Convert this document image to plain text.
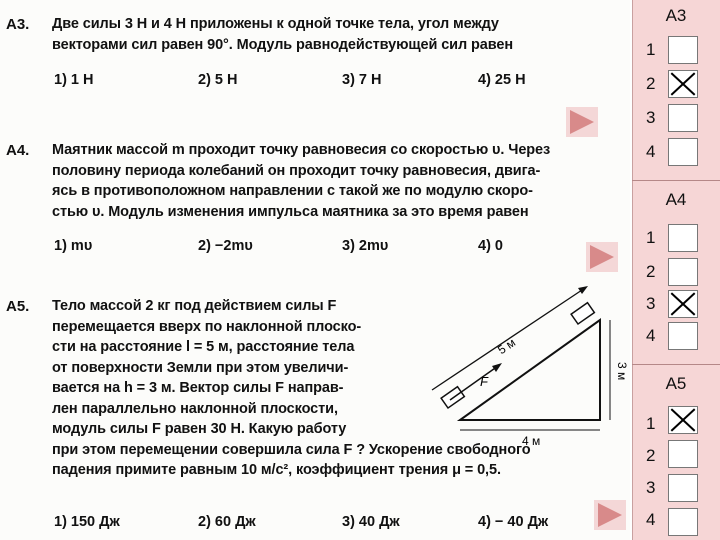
А3. Две силы 3 Н и 4 Н приложены к одной точке тела, угол между
векторами сил равен 90°. Модуль равнодействующей сил равен
1) 1 Н	2) 5 Н	3) 7 Н	4) 25 Н
А4. Маятник массой m проходит точку равновесия со скоростью υ. Через
половину периода колебаний он проходит точку равновесия, двига-
ясь в противоположном направлении с такой же по модулю скоро-
стью υ. Модуль изменения импульса маятника за это время равен
1) mυ	2) −2mυ	3) 2mυ	4) 0
А5. Тело массой 2 кг под действием силы F
перемещается вверх по наклонной плоско-
сти на расстояние l = 5 м, расстояние тела
от поверхности Земли при этом увеличи-
вается на h = 3 м. Вектор силы F направ-
лен параллельно наклонной плоскости,
модуль силы F равен 30 Н. Какую работу
при этом перемещении совершила сила F ? Ускорение свободного
падения примите равным 10 м/с², коэффициент трения μ = 0,5.
1) 150 Дж	2) 60 Дж	3) 40 Дж	4) − 40 Дж
5 м
3 м
4 м
F
А3
1
2
3
4
А4
1
2
3
4
А5
1
2
3
4
